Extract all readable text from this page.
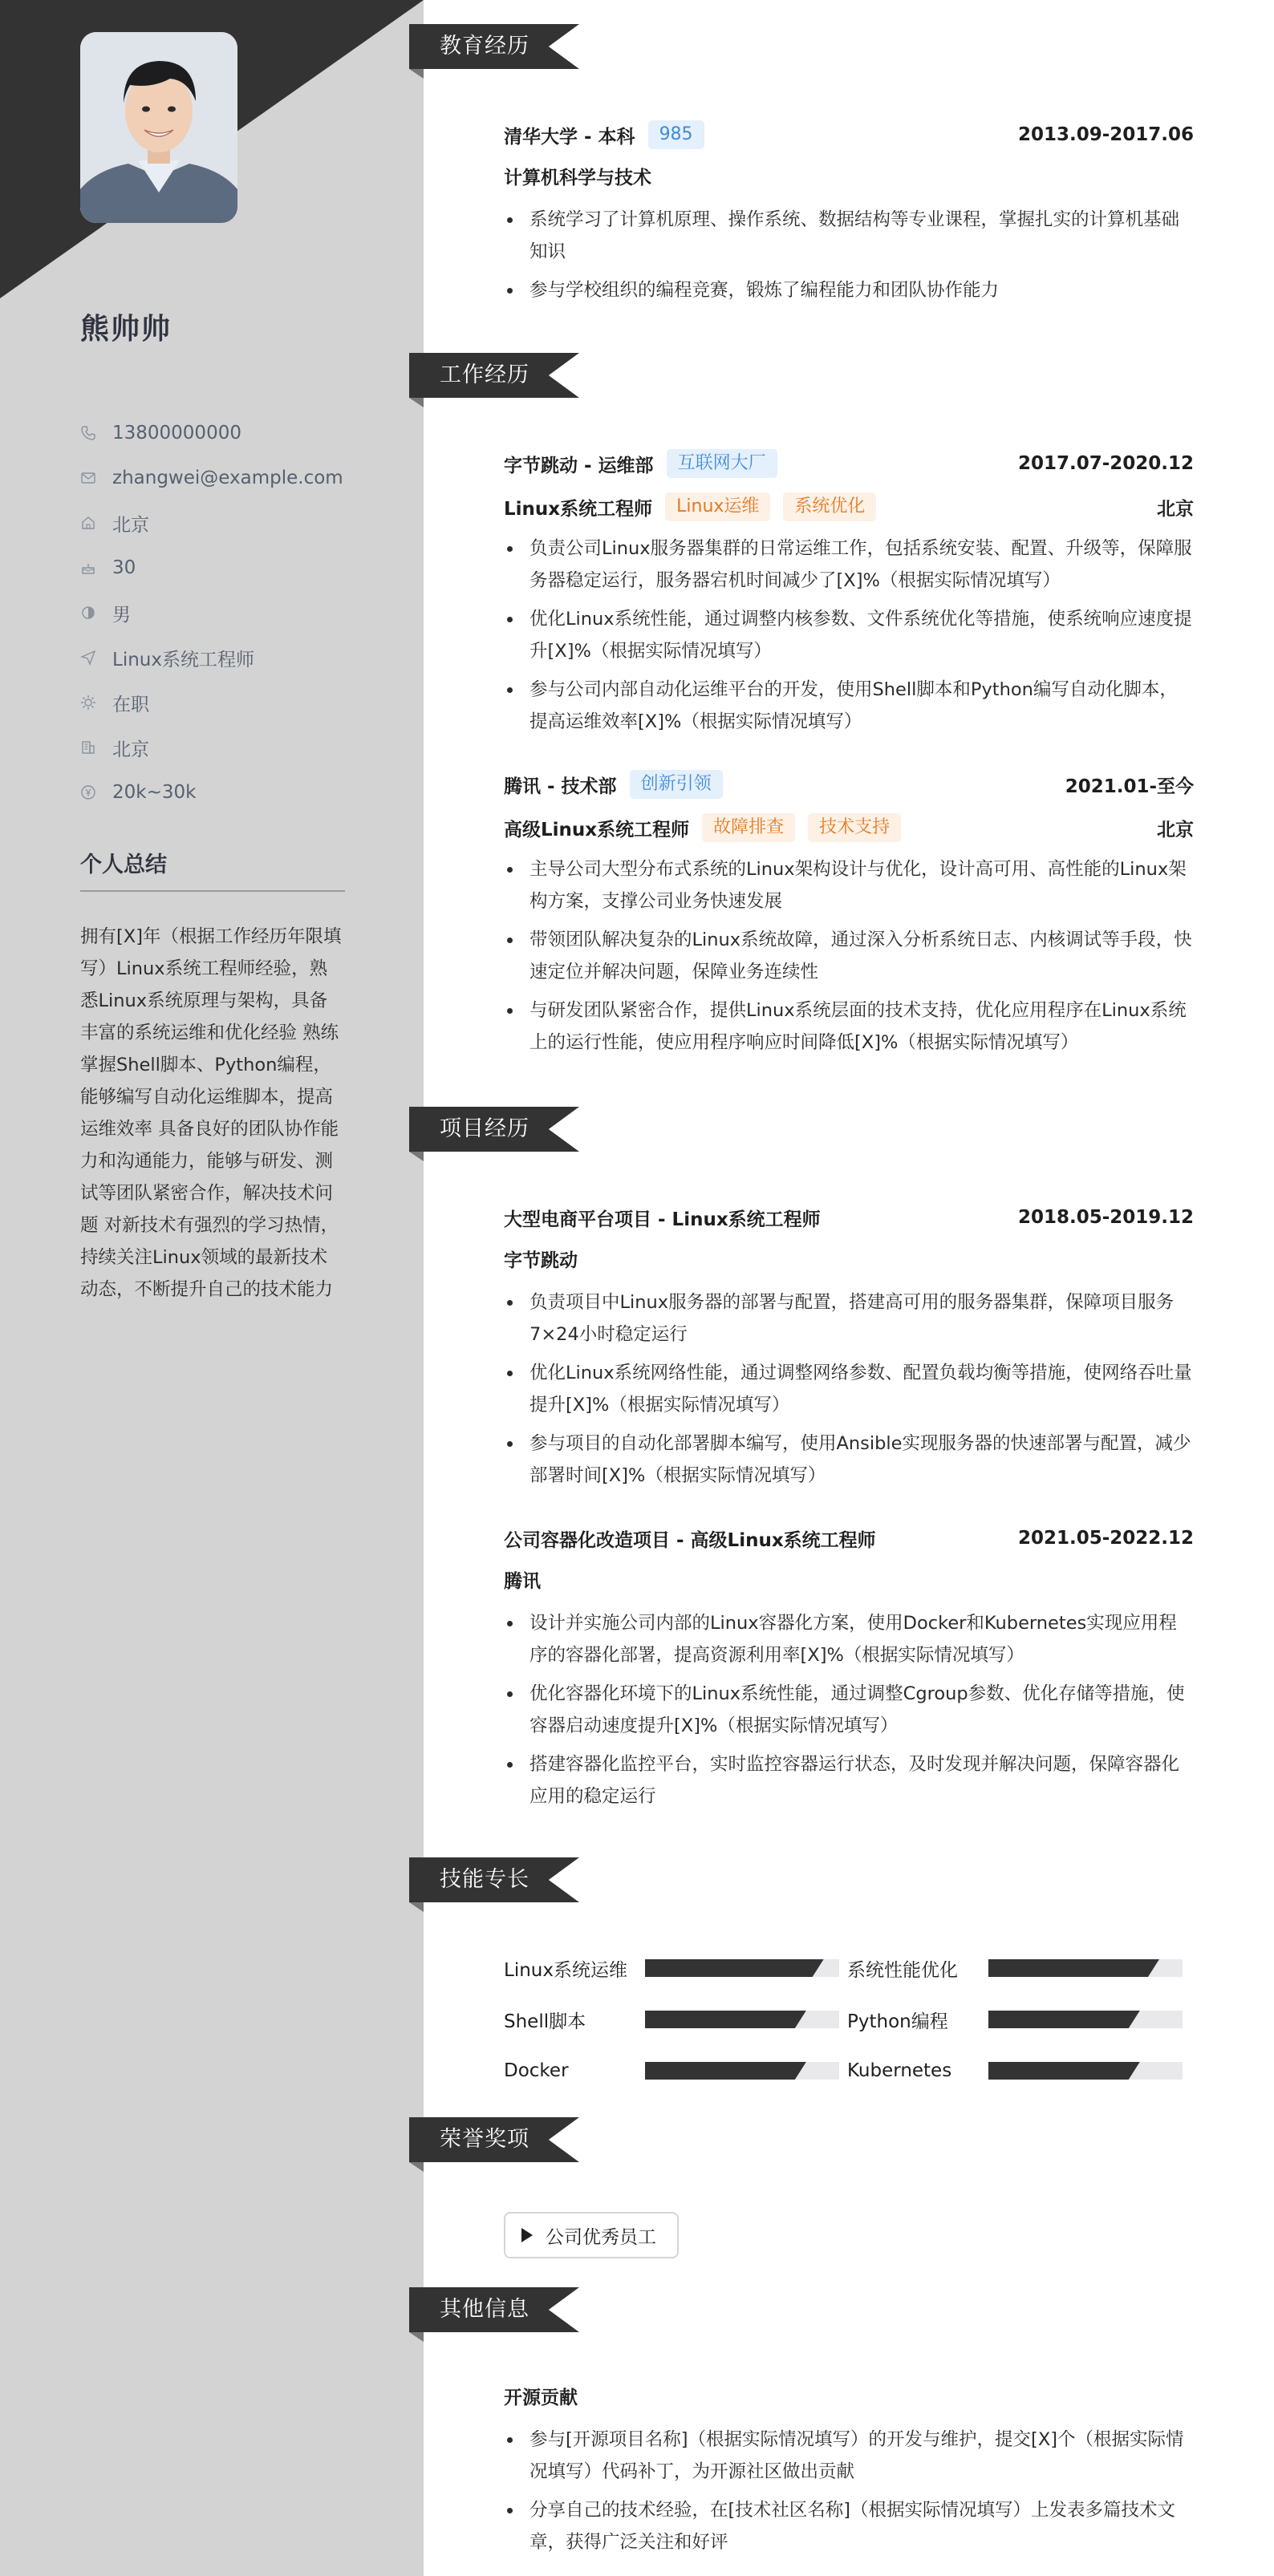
熊帅帅
13800000000
zhangwei@example.com
北京
30
男
Linux系统工程师
在职
北京
20k~30k
个人总结
拥有[X]年（根据工作经历年限填写）Linux系统工程师经验，熟悉Linux系统原理与架构，具备丰富的系统运维和优化经验 熟练掌握Shell脚本、Python编程，能够编写自动化运维脚本，提高运维效率 具备良好的团队协作能力和沟通能力，能够与研发、测试等团队紧密合作，解决技术问题 对新技术有强烈的学习热情，持续关注Linux领域的最新技术动态，不断提升自己的技术能力
教育经历
工作经历
项目经历
技能专长
荣誉奖项
其他信息
清华大学 - 本科	985	2013.09-2017.06
计算机科学与技术
系统学习了计算机原理、操作系统、数据结构等专业课程，掌握扎实的计算机基础知识
参与学校组织的编程竞赛，锻炼了编程能力和团队协作能力
字节跳动 - 运维部	互联网大厂	2017.07-2020.12
Linux系统工程师	Linux运维	系统优化	北京
负责公司Linux服务器集群的日常运维工作，包括系统安装、配置、升级等，保障服务器稳定运行，服务器宕机时间减少了[X]%（根据实际情况填写）
优化Linux系统性能，通过调整内核参数、文件系统优化等措施，使系统响应速度提升[X]%（根据实际情况填写）
参与公司内部自动化运维平台的开发，使用Shell脚本和Python编写自动化脚本，提高运维效率[X]%（根据实际情况填写）
腾讯 - 技术部	创新引领	2021.01-至今
高级Linux系统工程师	故障排查	技术支持	北京
主导公司大型分布式系统的Linux架构设计与优化，设计高可用、高性能的Linux架构方案，支撑公司业务快速发展
带领团队解决复杂的Linux系统故障，通过深入分析系统日志、内核调试等手段，快速定位并解决问题，保障业务连续性
与研发团队紧密合作，提供Linux系统层面的技术支持，优化应用程序在Linux系统上的运行性能，使应用程序响应时间降低[X]%（根据实际情况填写）
大型电商平台项目 - Linux系统工程师	2018.05-2019.12
字节跳动
负责项目中Linux服务器的部署与配置，搭建高可用的服务器集群，保障项目服务7×24小时稳定运行
优化Linux系统网络性能，通过调整网络参数、配置负载均衡等措施，使网络吞吐量提升[X]%（根据实际情况填写）
参与项目的自动化部署脚本编写，使用Ansible实现服务器的快速部署与配置，减少部署时间[X]%（根据实际情况填写）
公司容器化改造项目 - 高级Linux系统工程师	2021.05-2022.12
腾讯
设计并实施公司内部的Linux容器化方案，使用Docker和Kubernetes实现应用程序的容器化部署，提高资源利用率[X]%（根据实际情况填写）
优化容器化环境下的Linux系统性能，通过调整Cgroup参数、优化存储等措施，使容器启动速度提升[X]%（根据实际情况填写）
搭建容器化监控平台，实时监控容器运行状态，及时发现并解决问题，保障容器化应用的稳定运行
Linux系统运维	系统性能优化
Shell脚本	Python编程
Docker	Kubernetes
公司优秀员工
开源贡献
参与[开源项目名称]（根据实际情况填写）的开发与维护，提交[X]个（根据实际情况填写）代码补丁，为开源社区做出贡献
分享自己的技术经验，在[技术社区名称]（根据实际情况填写）上发表多篇技术文章，获得广泛关注和好评
